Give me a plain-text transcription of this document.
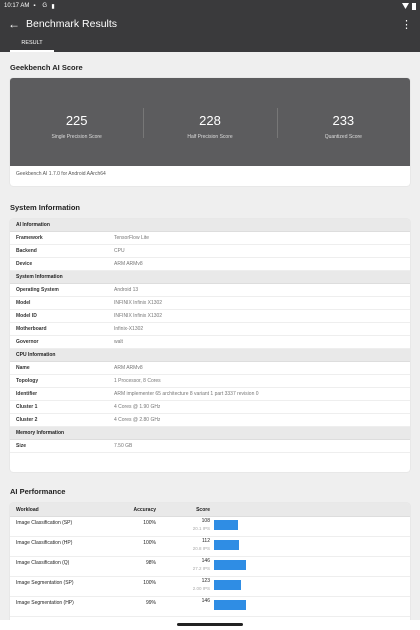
10:17 AM ▪	G ▮
← Benchmark Results	⋮
RESULT
Geekbench AI Score
225
Single Precision Score
228
Half Precision Score
233
Quantized Score
Geekbench AI 1.7.0 for Android AArch64
System Information
AI Information
Framework	TensorFlow Lite
Backend	CPU
Device	ARM ARMv8
System Information
Operating System	Android 13
Model	INFINIX Infinix X1302
Model ID	INFINIX Infinix X1302
Motherboard	Infinix-X1302
Governor	walt
CPU Information
Name	ARM ARMv8
Topology	1 Processor, 8 Cores
Identifier	ARM implementer 65 architecture 8 variant 1 part 3337 revision 0
Cluster 1	4 Cores @ 1.90 GHz
Cluster 2	4 Cores @ 2.80 GHz
Memory Information
Size	7.50 GB
AI Performance
Workload	Accuracy	Score
Image Classification (SP)	100%	108
20.1 IPS
Image Classification (HP)	100%	112
20.8 IPS
Image Classification (Q)	98%	146
27.2 IPS
Image Segmentation (SP)	100%	123
2.00 IPS
Image Segmentation (HP)	99%	146
